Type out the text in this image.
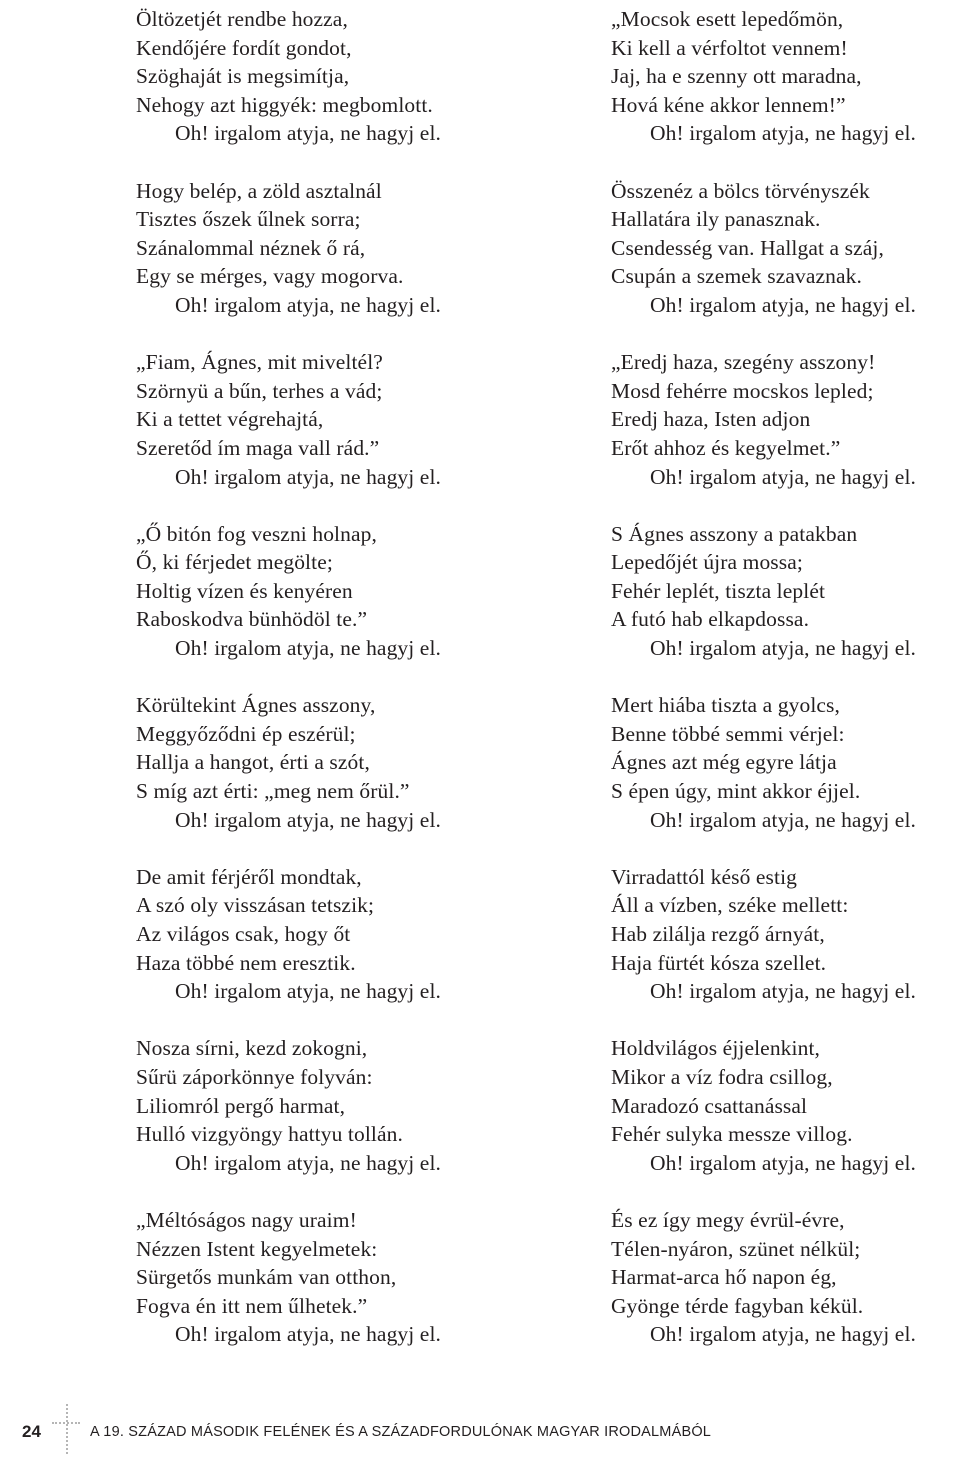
Öltözetjét rendbe hozza,
Kendőjére fordít gondot,
Szöghaját is megsimítja,
Nehogy azt higgyék: megbomlott.
Oh! irgalom atyja, ne hagyj el.
Hogy belép, a zöld asztalnál
Tisztes őszek űlnek sorra;
Szánalommal néznek ő rá,
Egy se mérges, vagy mogorva.
Oh! irgalom atyja, ne hagyj el.
„Fiam, Ágnes, mit miveltél?
Szörnyü a bűn, terhes a vád;
Ki a tettet végrehajtá,
Szeretőd ím maga vall rád.”
Oh! irgalom atyja, ne hagyj el.
„Ő bitón fog veszni holnap,
Ő, ki férjedet megölte;
Holtig vízen és kenyéren
Raboskodva bünhödöl te.”
Oh! irgalom atyja, ne hagyj el.
Körültekint Ágnes asszony,
Meggyőződni ép eszérül;
Hallja a hangot, érti a szót,
S míg azt érti: „meg nem őrül.”
Oh! irgalom atyja, ne hagyj el.
De amit férjéről mondtak,
A szó oly visszásan tetszik;
Az világos csak, hogy őt
Haza többé nem eresztik.
Oh! irgalom atyja, ne hagyj el.
Nosza sírni, kezd zokogni,
Sűrü záporkönnye folyván:
Liliomról pergő harmat,
Hulló vizgyöngy hattyu tollán.
Oh! irgalom atyja, ne hagyj el.
„Méltóságos nagy uraim!
Nézzen Istent kegyelmetek:
Sürgetős munkám van otthon,
Fogva én itt nem űlhetek.”
Oh! irgalom atyja, ne hagyj el.
„Mocsok esett lepedőmön,
Ki kell a vérfoltot vennem!
Jaj, ha e szenny ott maradna,
Hová kéne akkor lennem!”
Oh! irgalom atyja, ne hagyj el.
Összenéz a bölcs törvényszék
Hallatára ily panasznak.
Csendesség van. Hallgat a száj,
Csupán a szemek szavaznak.
Oh! irgalom atyja, ne hagyj el.
„Eredj haza, szegény asszony!
Mosd fehérre mocskos lepled;
Eredj haza, Isten adjon
Erőt ahhoz és kegyelmet.”
Oh! irgalom atyja, ne hagyj el.
S Ágnes asszony a patakban
Lepedőjét újra mossa;
Fehér leplét, tiszta leplét
A futó hab elkapdossa.
Oh! irgalom atyja, ne hagyj el.
Mert hiába tiszta a gyolcs,
Benne többé semmi vérjel:
Ágnes azt még egyre látja
S épen úgy, mint akkor éjjel.
Oh! irgalom atyja, ne hagyj el.
Virradattól késő estig
Áll a vízben, széke mellett:
Hab zilálja rezgő árnyát,
Haja fürtét kósza szellet.
Oh! irgalom atyja, ne hagyj el.
Holdvilágos éjjelenkint,
Mikor a víz fodra csillog,
Maradozó csattanással
Fehér sulyka messze villog.
Oh! irgalom atyja, ne hagyj el.
És ez így megy évrül-évre,
Télen-nyáron, szünet nélkül;
Harmat-arca hő napon ég,
Gyönge térde fagyban kékül.
Oh! irgalom atyja, ne hagyj el.
24	A 19. SZÁZAD MÁSODIK FELÉNEK ÉS A SZÁZADFORDULÓNAK MAGYAR IRODALMÁBÓL
